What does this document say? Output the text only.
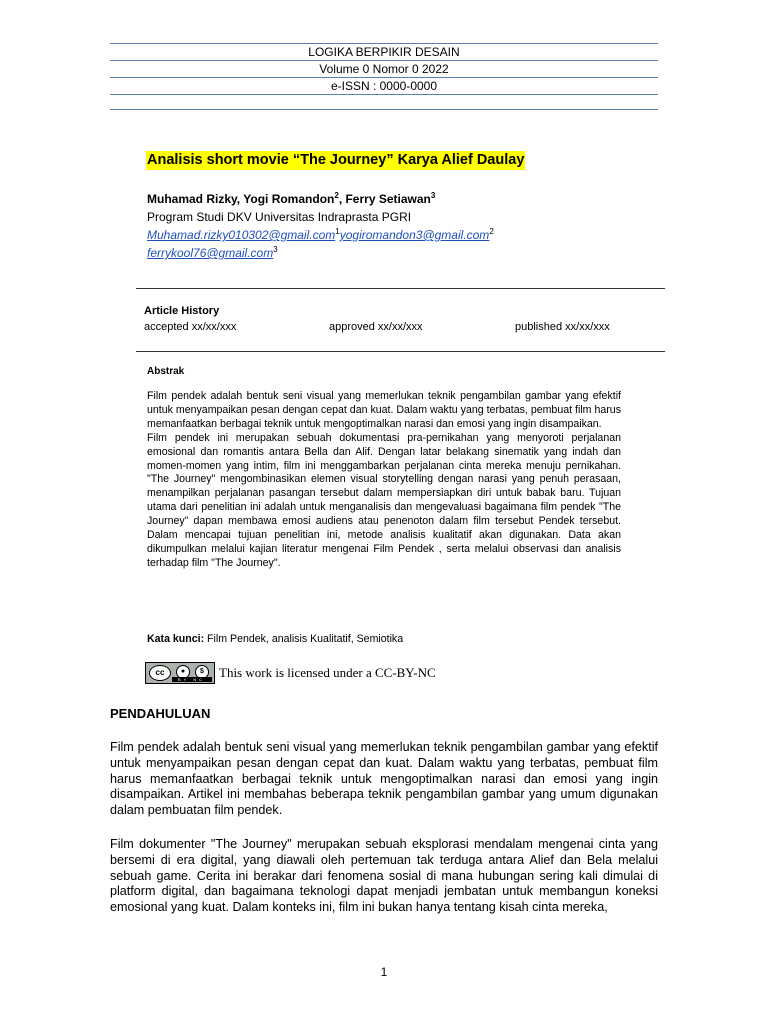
LOGIKA BERPIKIR DESAIN
Volume 0 Nomor 0 2022
e-ISSN : 0000-0000
Analisis short movie “The Journey” Karya Alief Daulay
Muhamad Rizky, Yogi Romandon$^2$, Ferry Setiawan$^3$
Program Studi DKV Universitas Indraprasta PGRI
Muhamad.rizky010302@gmail.com$^1$yogiromandon3@gmail.com$^2$
ferrykool76@gmail.com$^3$
Article History
accepted xx/xx/xxx	approved xx/xx/xxx	published xx/xx/xxx
Abstrak

Film pendek adalah bentuk seni visual yang memerlukan teknik pengambilan gambar yang efektif untuk menyampaikan pesan dengan cepat dan kuat. Dalam waktu yang terbatas, pembuat film harus memanfaatkan berbagai teknik untuk mengoptimalkan narasi dan emosi yang ingin disampaikan.

Film pendek ini merupakan sebuah dokumentasi pra-pernikahan yang menyoroti perjalanan emosional dan romantis antara Bella dan Alif. Dengan latar belakang sinematik yang indah dan momen-momen yang intim, film ini menggambarkan perjalanan cinta mereka menuju pernikahan. "The Journey" mengombinasikan elemen visual storytelling dengan narasi yang penuh perasaan, menampilkan perjalanan pasangan tersebut dalam mempersiapkan diri untuk babak baru. Tujuan utama dari penelitian ini adalah untuk menganalisis dan mengevaluasi bagaimana film pendek "The Journey” dapan membawa emosi audiens atau penenoton dalam film tersebut Pendek tersebut. Dalam mencapai tujuan penelitian ini, metode analisis kualitatif akan digunakan. Data akan dikumpulkan melalui kajian literatur mengenai Film Pendek , serta melalui observasi dan analisis terhadap film "The Journey".

Kata kunci: Film Pendek, analisis Kualitatif, Semiotika
cc	●	$
BY NC	This work is licensed under a CC-BY-NC
PENDAHULUAN

Film pendek adalah bentuk seni visual yang memerlukan teknik pengambilan gambar yang efektif untuk menyampaikan pesan dengan cepat dan kuat. Dalam waktu yang terbatas, pembuat film harus memanfaatkan berbagai teknik untuk mengoptimalkan narasi dan emosi yang ingin disampaikan. Artikel ini membahas beberapa teknik pengambilan gambar yang umum digunakan dalam pembuatan film pendek.

Film dokumenter "The Journey" merupakan sebuah eksplorasi mendalam mengenai cinta yang bersemi di era digital, yang diawali oleh pertemuan tak terduga antara Alief dan Bela melalui sebuah game. Cerita ini berakar dari fenomena sosial di mana hubungan sering kali dimulai di platform digital, dan bagaimana teknologi dapat menjadi jembatan untuk membangun koneksi emosional yang kuat. Dalam konteks ini, film ini bukan hanya tentang kisah cinta mereka,

1
